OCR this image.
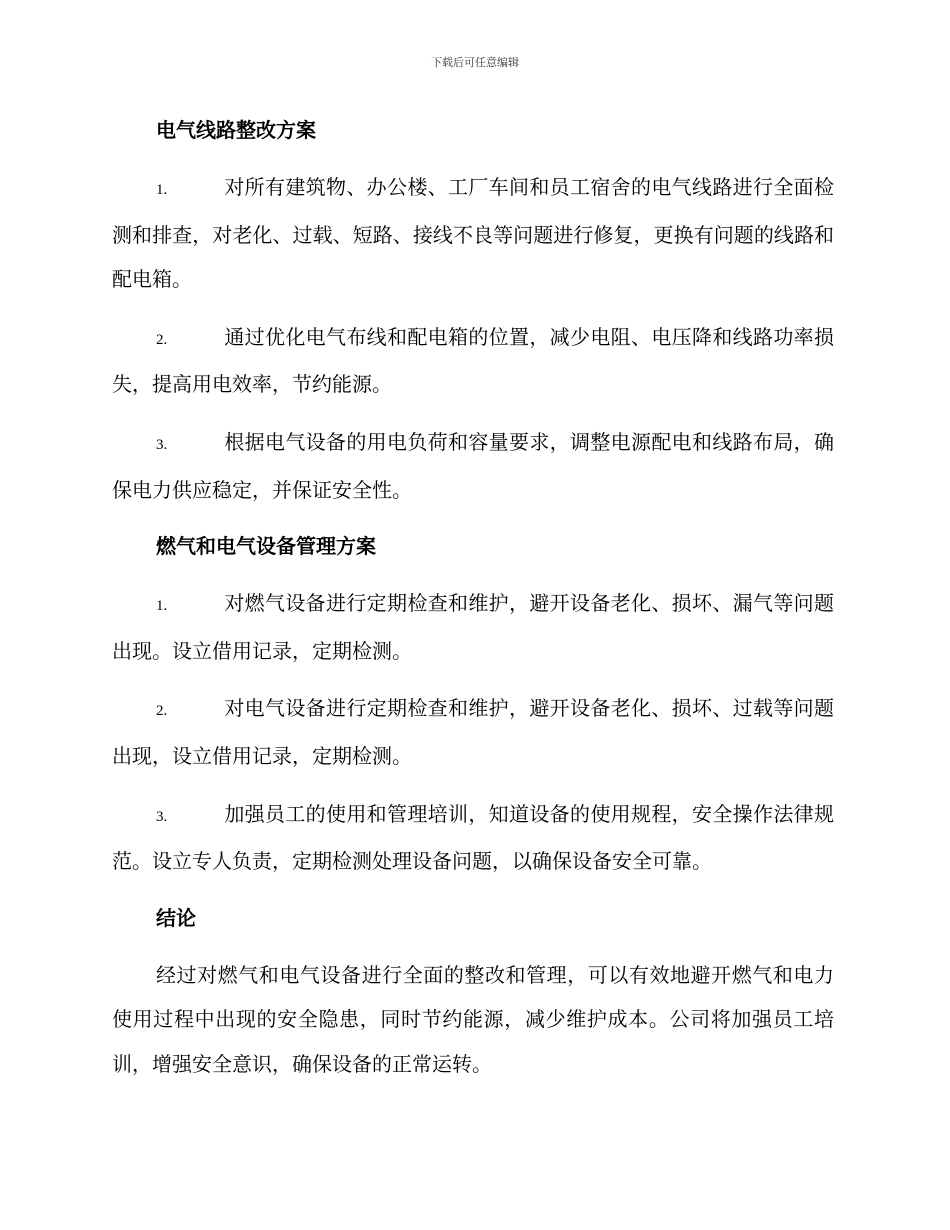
下载后可任意编辑
电气线路整改方案

1.	对所有建筑物、办公楼、工厂车间和员工宿舍的电气线路进行全面检测和排查，对老化、过载、短路、接线不良等问题进行修复，更换有问题的线路和配电箱。

2.	通过优化电气布线和配电箱的位置，减少电阻、电压降和线路功率损失，提高用电效率，节约能源。

3.	根据电气设备的用电负荷和容量要求，调整电源配电和线路布局，确保电力供应稳定，并保证安全性。

燃气和电气设备管理方案

1.	对燃气设备进行定期检查和维护，避开设备老化、损坏、漏气等问题出现。设立借用记录，定期检测。

2.	对电气设备进行定期检查和维护，避开设备老化、损坏、过载等问题出现，设立借用记录，定期检测。

3.	加强员工的使用和管理培训，知道设备的使用规程，安全操作法律规范。设立专人负责，定期检测处理设备问题，以确保设备安全可靠。

结论

经过对燃气和电气设备进行全面的整改和管理，可以有效地避开燃气和电力使用过程中出现的安全隐患，同时节约能源，减少维护成本。公司将加强员工培训，增强安全意识，确保设备的正常运转。
